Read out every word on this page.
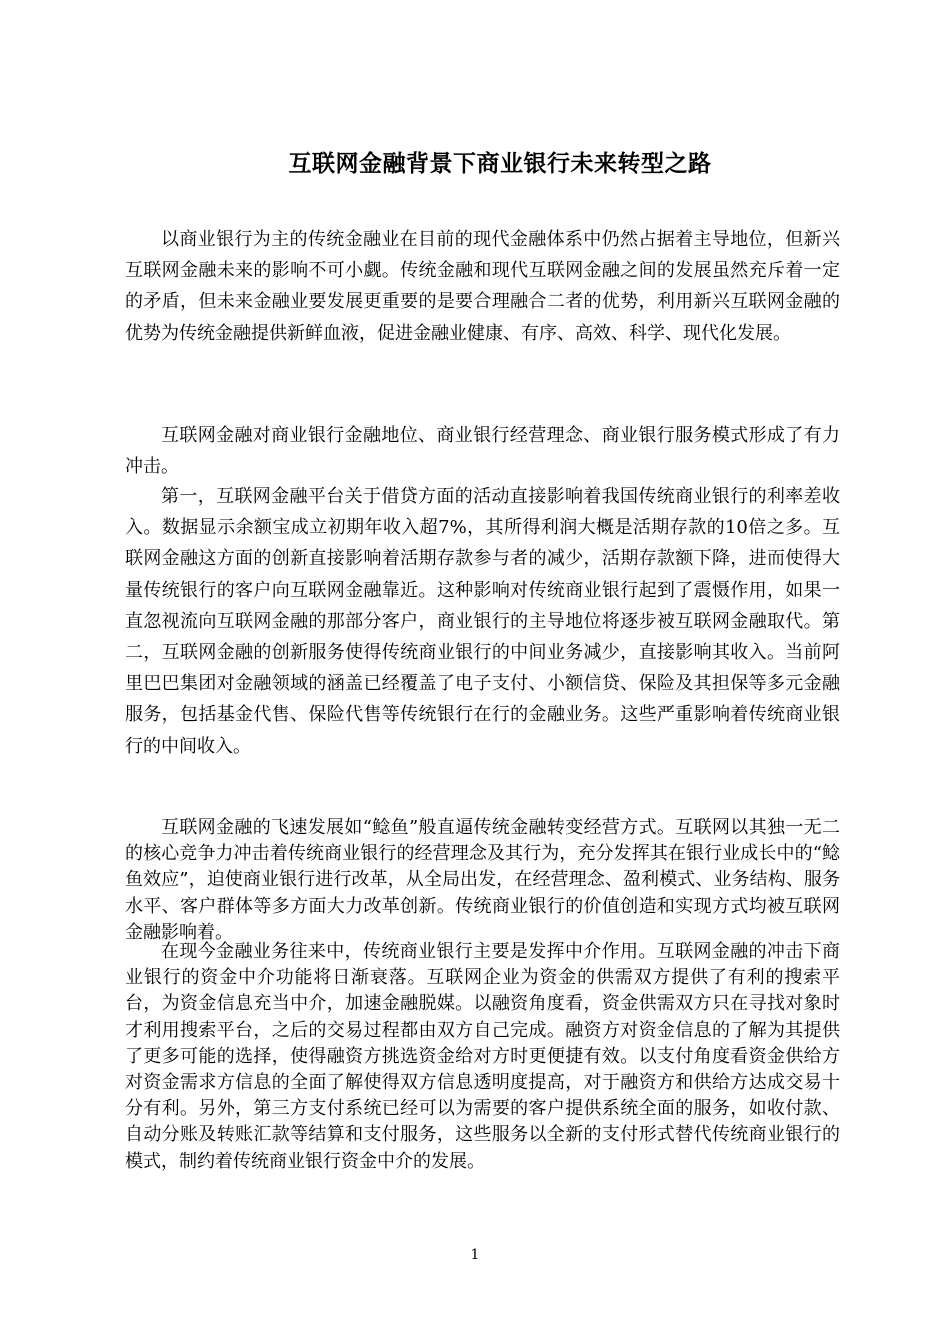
互联网金融背景下商业银行未来转型之路

以商业银行为主的传统金融业在目前的现代金融体系中仍然占据着主导地位，但新兴互联网金融未来的影响不可小觑。传统金融和现代互联网金融之间的发展虽然充斥着一定的矛盾，但未来金融业要发展更重要的是要合理融合二者的优势，利用新兴互联网金融的优势为传统金融提供新鲜血液，促进金融业健康、有序、高效、科学、现代化发展。

互联网金融对商业银行金融地位、商业银行经营理念、商业银行服务模式形成了有力冲击。

第一，互联网金融平台关于借贷方面的活动直接影响着我国传统商业银行的利率差收入。数据显示余额宝成立初期年收入超7%，其所得利润大概是活期存款的10倍之多。互联网金融这方面的创新直接影响着活期存款参与者的减少，活期存款额下降，进而使得大量传统银行的客户向互联网金融靠近。这种影响对传统商业银行起到了震慑作用，如果一直忽视流向互联网金融的那部分客户，商业银行的主导地位将逐步被互联网金融取代。第二，互联网金融的创新服务使得传统商业银行的中间业务减少，直接影响其收入。当前阿里巴巴集团对金融领域的涵盖已经覆盖了电子支付、小额信贷、保险及其担保等多元金融服务，包括基金代售、保险代售等传统银行在行的金融业务。这些严重影响着传统商业银行的中间收入。

互联网金融的飞速发展如“鲶鱼”般直逼传统金融转变经营方式。互联网以其独一无二的核心竞争力冲击着传统商业银行的经营理念及其行为，充分发挥其在银行业成长中的“鲶鱼效应”，迫使商业银行进行改革，从全局出发，在经营理念、盈利模式、业务结构、服务水平、客户群体等多方面大力改革创新。传统商业银行的价值创造和实现方式均被互联网金融影响着。

在现今金融业务往来中，传统商业银行主要是发挥中介作用。互联网金融的冲击下商业银行的资金中介功能将日渐衰落。互联网企业为资金的供需双方提供了有利的搜索平台，为资金信息充当中介，加速金融脱媒。以融资角度看，资金供需双方只在寻找对象时才利用搜索平台，之后的交易过程都由双方自己完成。融资方对资金信息的了解为其提供了更多可能的选择，使得融资方挑选资金给对方时更便捷有效。以支付角度看资金供给方对资金需求方信息的全面了解使得双方信息透明度提高，对于融资方和供给方达成交易十分有利。另外，第三方支付系统已经可以为需要的客户提供系统全面的服务，如收付款、自动分账及转账汇款等结算和支付服务，这些服务以全新的支付形式替代传统商业银行的模式，制约着传统商业银行资金中介的发展。

1
